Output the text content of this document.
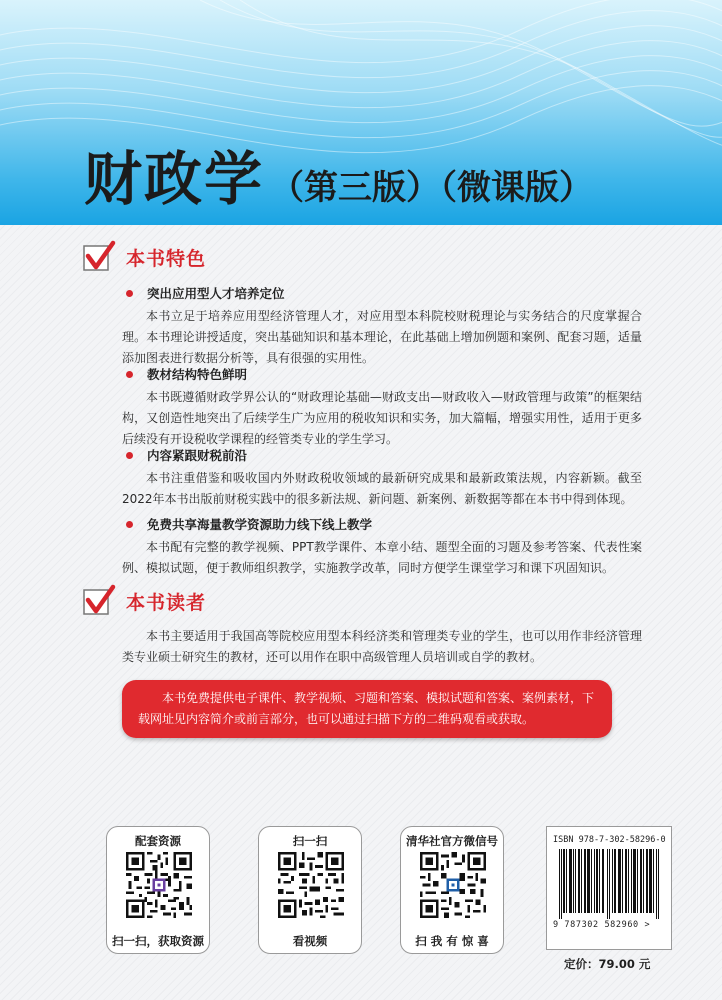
财政学 （第三版）（微课版）
本书特色
突出应用型人才培养定位

本书立足于培养应用型经济管理人才，对应用型本科院校财税理论与实务结合的尺度掌握合理。本书理论讲授适度，突出基础知识和基本理论，在此基础上增加例题和案例、配套习题，适量添加图表进行数据分析等，具有很强的实用性。

教材结构特色鲜明

本书既遵循财政学界公认的“财政理论基础—财政支出—财政收入—财政管理与政策”的框架结构，又创造性地突出了后续学生广为应用的税收知识和实务，加大篇幅，增强实用性，适用于更多后续没有开设税收学课程的经管类专业的学生学习。

内容紧跟财税前沿

本书注重借鉴和吸收国内外财政税收领域的最新研究成果和最新政策法规，内容新颖。截至2022年本书出版前财税实践中的很多新法规、新问题、新案例、新数据等都在本书中得到体现。

免费共享海量教学资源助力线下线上教学

本书配有完整的教学视频、PPT教学课件、本章小结、题型全面的习题及参考答案、代表性案例、模拟试题，便于教师组织教学，实施教学改革，同时方便学生课堂学习和课下巩固知识。

本书读者

本书主要适用于我国高等院校应用型本科经济类和管理类专业的学生，也可以用作非经济管理类专业硕士研究生的教材，还可以用作在职中高级管理人员培训或自学的教材。

本书免费提供电子课件、教学视频、习题和答案、模拟试题和答案、案例素材，下载网址见内容简介或前言部分，也可以通过扫描下方的二维码观看或获取。
配套资源
扫一扫，获取资源
扫一扫
看视频
清华社官方微信号
扫 我 有 惊 喜
ISBN 978-7-302-58296-0
9 787302 582960 >
定价：79.00 元
